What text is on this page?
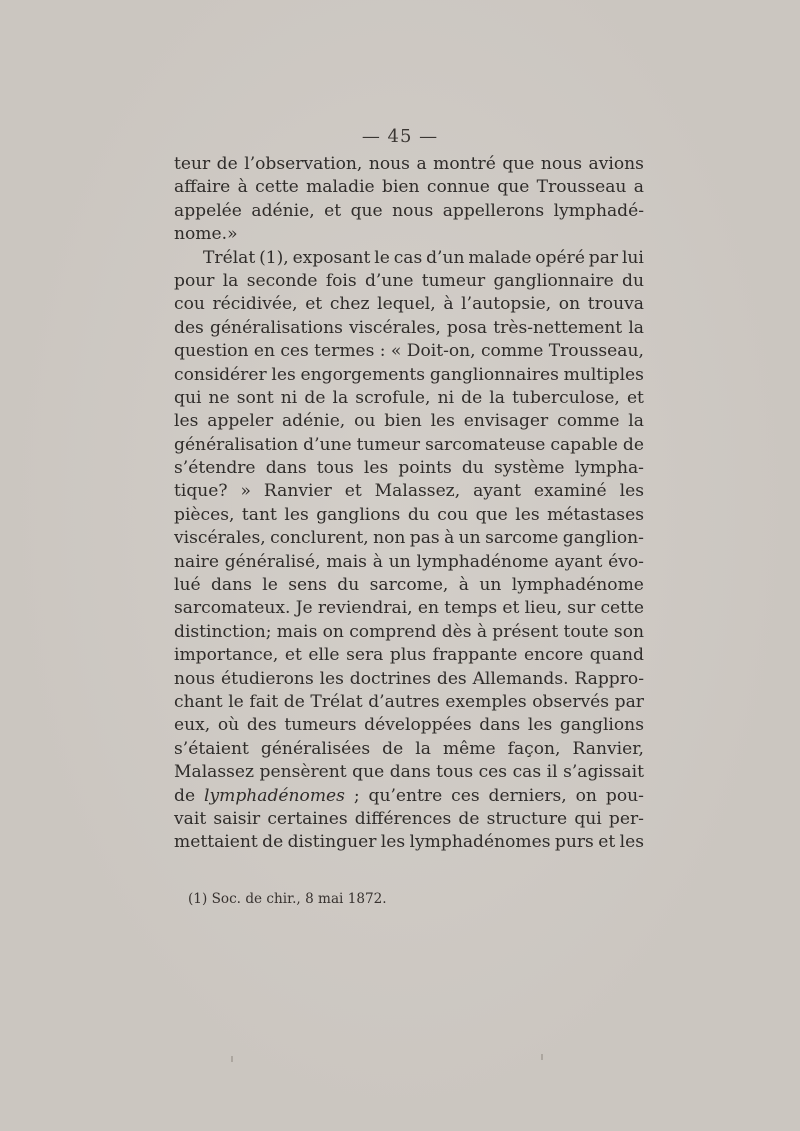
— 45 —
teur de l’observation, nous a montré que nous avions
affaire à cette maladie bien connue que Trousseau a
appelée adénie, et que nous appellerons lymphadé-
nome. »
Trélat (1), exposant le cas d’un malade opéré par lui
pour la seconde fois d’une tumeur ganglionnaire du
cou récidivée, et chez lequel, à l’autopsie, on trouva
des généralisations viscérales, posa très-nettement la
question en ces termes : « Doit-on, comme Trousseau,
considérer les engorgements ganglionnaires multiples
qui ne sont ni de la scrofule, ni de la tuberculose, et
les appeler adénie, ou bien les envisager comme la
généralisation d’une tumeur sarcomateuse capable de
s’étendre dans tous les points du système lympha-
tique? » Ranvier et Malassez, ayant examiné les
pièces, tant les ganglions du cou que les métastases
viscérales, conclurent, non pas à un sarcome ganglion-
naire généralisé, mais à un lymphadénome ayant évo-
lué dans le sens du sarcome, à un lymphadénome
sarcomateux. Je reviendrai, en temps et lieu, sur cette
distinction; mais on comprend dès à présent toute son
importance, et elle sera plus frappante encore quand
nous étudierons les doctrines des Allemands. Rappro-
chant le fait de Trélat d’autres exemples observés par
eux, où des tumeurs développées dans les ganglions
s’étaient généralisées de la même façon, Ranvier,
Malassez pensèrent que dans tous ces cas il s’agissait
de lymphadénomes ; qu’entre ces derniers, on pou-
vait saisir certaines différences de structure qui per-
mettaient de distinguer les lymphadénomes purs et les
(1) Soc. de chir., 8 mai 1872.
